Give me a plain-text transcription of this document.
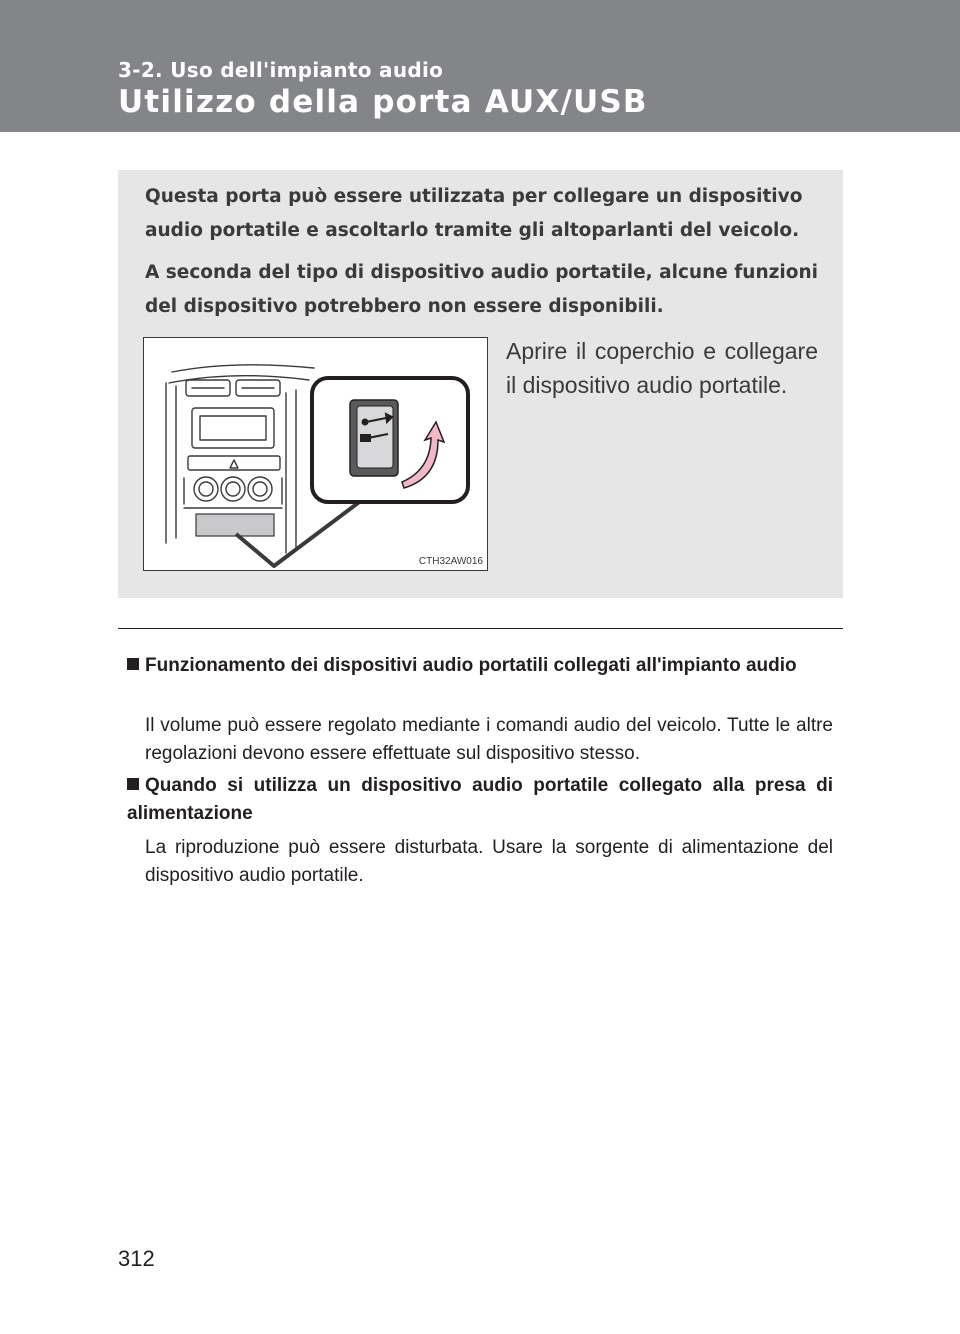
3-2. Uso dell'impianto audio
Utilizzo della porta AUX/USB
Questa porta può essere utilizzata per collegare un dispositivo audio portatile e ascoltarlo tramite gli altoparlanti del veicolo.
A seconda del tipo di dispositivo audio portatile, alcune funzioni del dispositivo potrebbero non essere disponibili.
CTH32AW016
Aprire il coperchio e collegare il dispositivo audio portatile.
Funzionamento dei dispositivi audio portatili collegati all'impianto audio
Il volume può essere regolato mediante i comandi audio del veicolo. Tutte le altre regolazioni devono essere effettuate sul dispositivo stesso.
Quando si utilizza un dispositivo audio portatile collegato alla presa di alimentazione
La riproduzione può essere disturbata. Usare la sorgente di alimentazione del dispositivo audio portatile.
312
